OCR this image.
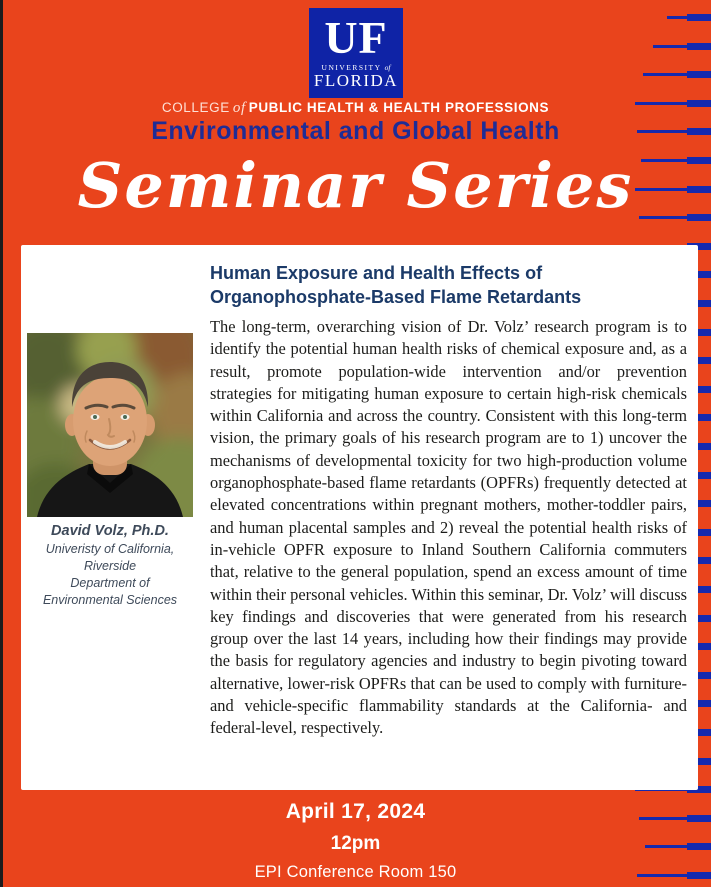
UF
UNIVERSITY of
FLORIDA
COLLEGE of PUBLIC HEALTH & HEALTH PROFESSIONS
Environmental and Global Health
Seminar Series
David Volz, Ph.D.
Univeristy of California,
Riverside
Department of
Environmental Sciences
Human Exposure and Health Effects of Organophosphate-Based Flame Retardants

The long-term, overarching vision of Dr. Volz’ research program is to identify the potential human health risks of chemical exposure and, as a result, promote population-wide intervention and/or prevention strategies for mitigating human exposure to certain high-risk chemicals within California and across the country. Consistent with this long-term vision, the primary goals of his research program are to 1) uncover the mechanisms of developmental toxicity for two high-production volume organophosphate-based flame retardants (OPFRs) frequently detected at elevated concentrations within pregnant mothers, mother-toddler pairs, and human placental samples and 2) reveal the potential health risks of in-vehicle OPFR exposure to Inland Southern California commuters that, relative to the general population, spend an excess amount of time within their personal vehicles. Within this seminar, Dr. Volz’ will discuss key findings and discoveries that were generated from his research group over the last 14 years, including how their findings may provide the basis for regulatory agencies and industry to begin pivoting toward alternative, lower-risk OPFRs that can be used to comply with furniture- and vehicle-specific flammability standards at the California- and federal-level, respectively.

April 17, 2024
12pm
EPI Conference Room 150
